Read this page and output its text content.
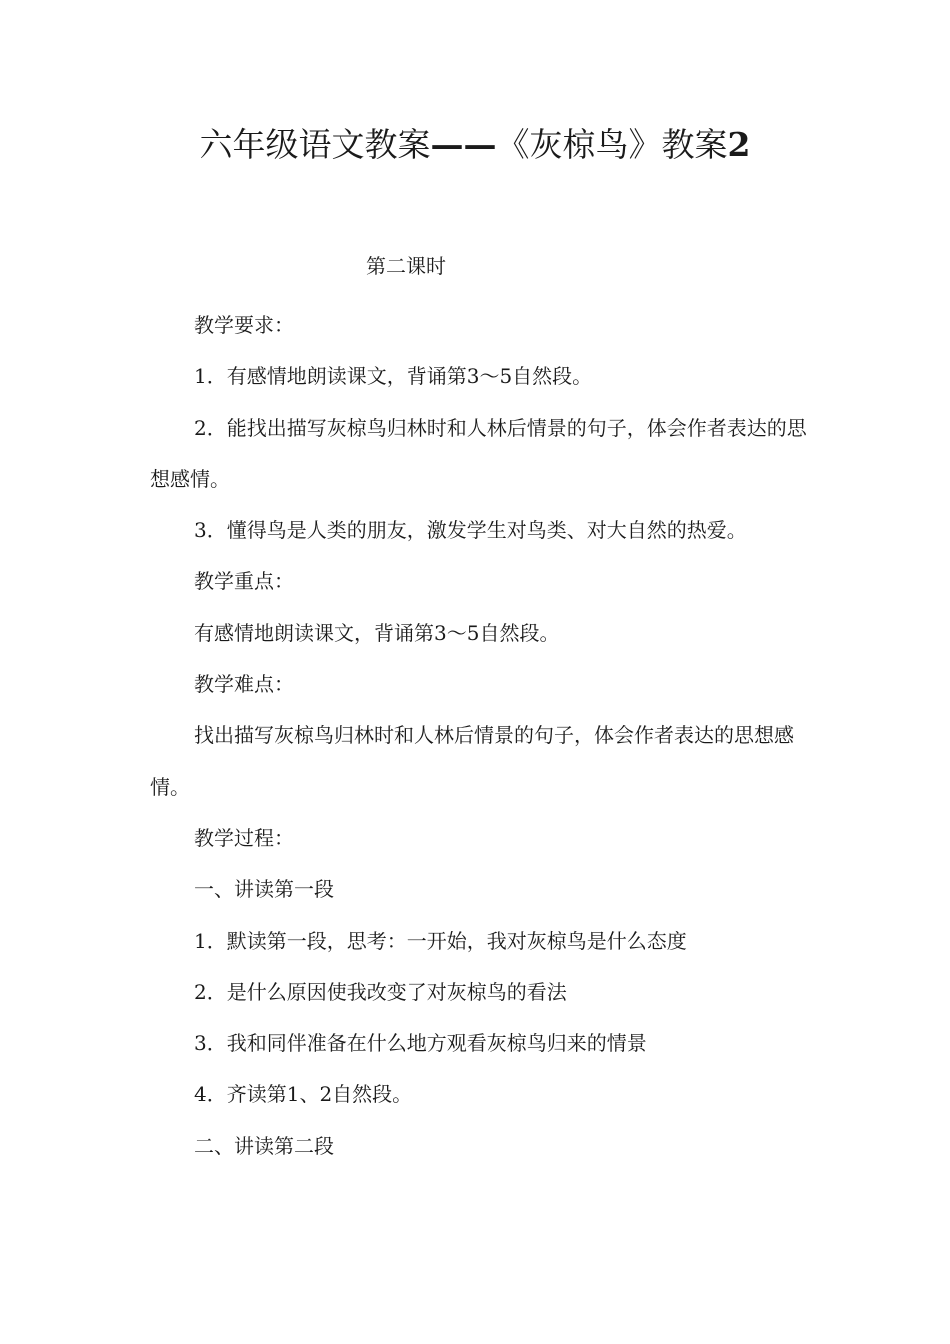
六年级语文教案——《灰椋鸟》教案2
第二课时

教学要求：

1．有感情地朗读课文，背诵第3～5自然段。

2．能找出描写灰椋鸟归林时和人林后情景的句子，体会作者表达的思想感情。

3．懂得鸟是人类的朋友，激发学生对鸟类、对大自然的热爱。

教学重点：

有感情地朗读课文，背诵第3～5自然段。

教学难点：

找出描写灰椋鸟归林时和人林后情景的句子，体会作者表达的思想感情。

教学过程：

一、讲读第一段

1．默读第一段，思考：一开始，我对灰椋鸟是什么态度

2．是什么原因使我改变了对灰椋鸟的看法

3．我和同伴准备在什么地方观看灰椋鸟归来的情景

4．齐读第1、2自然段。

二、讲读第二段
